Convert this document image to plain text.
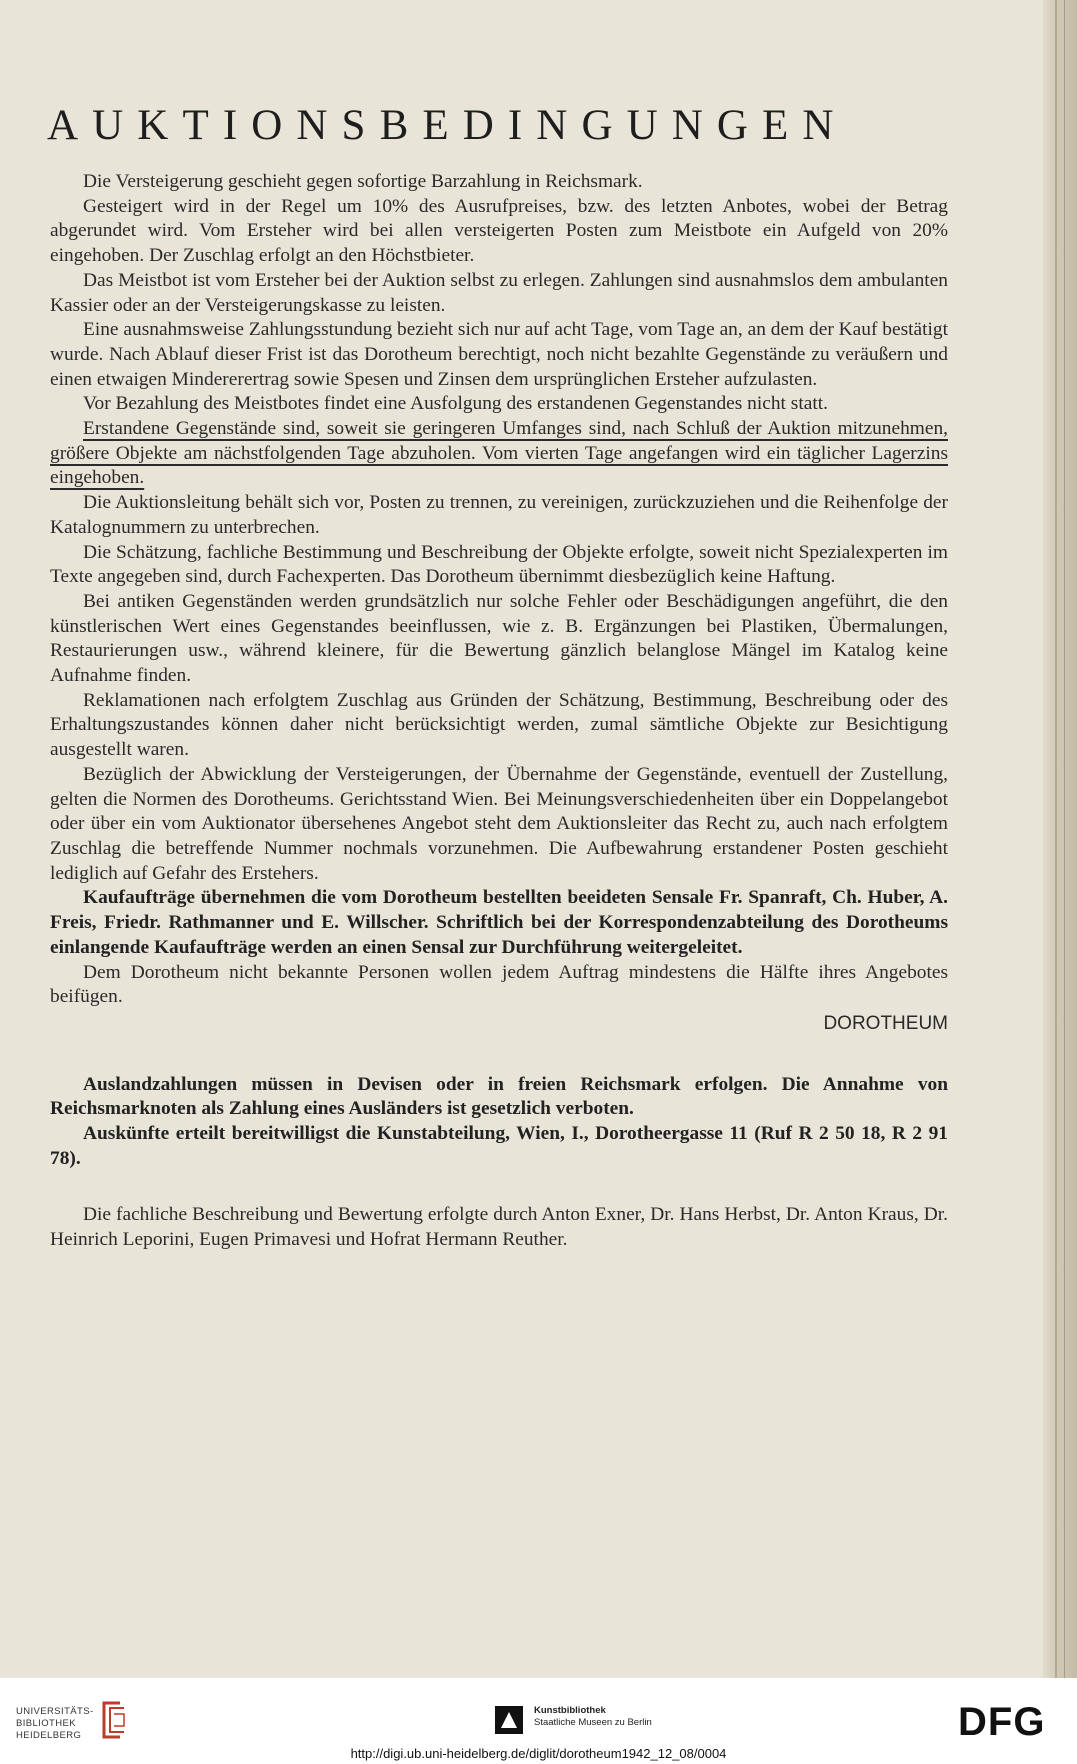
AUKTIONSBEDINGUNGEN

Die Versteigerung geschieht gegen sofortige Barzahlung in Reichsmark.

Gesteigert wird in der Regel um 10% des Ausrufpreises, bzw. des letzten Anbotes, wobei der Betrag abgerundet wird. Vom Ersteher wird bei allen versteigerten Posten zum Meistbote ein Aufgeld von 20% eingehoben. Der Zuschlag erfolgt an den Höchstbieter.

Das Meistbot ist vom Ersteher bei der Auktion selbst zu erlegen. Zahlungen sind ausnahmslos dem ambulanten Kassier oder an der Versteigerungskasse zu leisten.

Eine ausnahmsweise Zahlungsstundung bezieht sich nur auf acht Tage, vom Tage an, an dem der Kauf bestätigt wurde. Nach Ablauf dieser Frist ist das Dorotheum berechtigt, noch nicht bezahlte Gegenstände zu veräußern und einen etwaigen Mindererertrag sowie Spesen und Zinsen dem ursprünglichen Ersteher aufzulasten.

Vor Bezahlung des Meistbotes findet eine Ausfolgung des erstandenen Gegenstandes nicht statt.

Erstandene Gegenstände sind, soweit sie geringeren Umfanges sind, nach Schluß der Auktion mitzunehmen, größere Objekte am nächstfolgenden Tage abzuholen. Vom vierten Tage angefangen wird ein täglicher Lagerzins eingehoben.

Die Auktionsleitung behält sich vor, Posten zu trennen, zu vereinigen, zurückzuziehen und die Reihenfolge der Katalognummern zu unterbrechen.

Die Schätzung, fachliche Bestimmung und Beschreibung der Objekte erfolgte, soweit nicht Spezialexperten im Texte angegeben sind, durch Fachexperten. Das Dorotheum übernimmt diesbezüglich keine Haftung.

Bei antiken Gegenständen werden grundsätzlich nur solche Fehler oder Beschädigungen angeführt, die den künstlerischen Wert eines Gegenstandes beeinflussen, wie z. B. Ergänzungen bei Plastiken, Übermalungen, Restaurierungen usw., während kleinere, für die Bewertung gänzlich belanglose Mängel im Katalog keine Aufnahme finden.

Reklamationen nach erfolgtem Zuschlag aus Gründen der Schätzung, Bestimmung, Beschreibung oder des Erhaltungszustandes können daher nicht berücksichtigt werden, zumal sämtliche Objekte zur Besichtigung ausgestellt waren.

Bezüglich der Abwicklung der Versteigerungen, der Übernahme der Gegenstände, eventuell der Zustellung, gelten die Normen des Dorotheums. Gerichtsstand Wien. Bei Meinungsverschiedenheiten über ein Doppelangebot oder über ein vom Auktionator übersehenes Angebot steht dem Auktionsleiter das Recht zu, auch nach erfolgtem Zuschlag die betreffende Nummer nochmals vorzunehmen. Die Aufbewahrung erstandener Posten geschieht lediglich auf Gefahr des Erstehers.

Kaufaufträge übernehmen die vom Dorotheum bestellten beeideten Sensale Fr. Spanraft, Ch. Huber, A. Freis, Friedr. Rathmanner und E. Willscher. Schriftlich bei der Korrespondenzabteilung des Dorotheums einlangende Kaufaufträge werden an einen Sensal zur Durchführung weitergeleitet.

Dem Dorotheum nicht bekannte Personen wollen jedem Auftrag mindestens die Hälfte ihres Angebotes beifügen.

DOROTHEUM

Auslandzahlungen müssen in Devisen oder in freien Reichsmark erfolgen. Die Annahme von Reichsmarknoten als Zahlung eines Ausländers ist gesetzlich verboten.

Auskünfte erteilt bereitwilligst die Kunstabteilung, Wien, I., Dorotheergasse 11 (Ruf R 2 50 18, R 2 91 78).

Die fachliche Beschreibung und Bewertung erfolgte durch Anton Exner, Dr. Hans Herbst, Dr. Anton Kraus, Dr. Heinrich Leporini, Eugen Primavesi und Hofrat Hermann Reuther.

UNIVERSITÄTS-
BIBLIOTHEK
HEIDELBERG
Kunstbibliothek
Staatliche Museen zu Berlin	DFG
http://digi.ub.uni-heidelberg.de/diglit/dorotheum1942_12_08/0004
